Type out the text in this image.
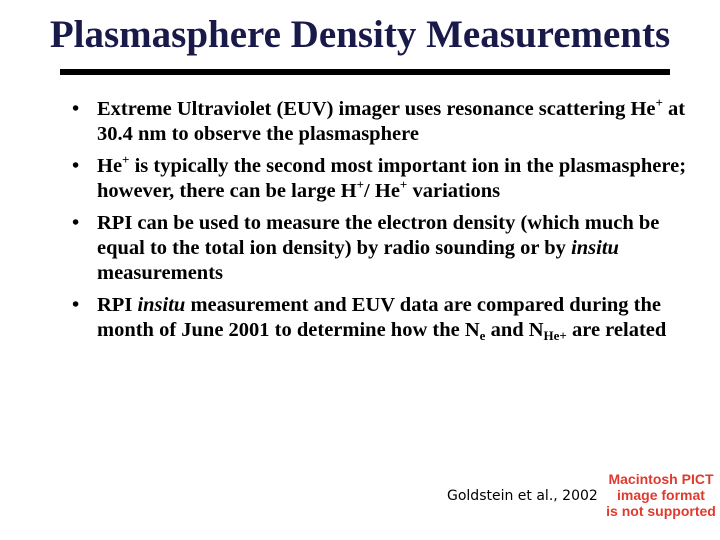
Plasmasphere Density Measurements
• Extreme Ultraviolet (EUV) imager uses resonance scattering He+ at 30.4 nm to observe the plasmasphere
• He+ is typically the second most important ion in the plasmasphere; however, there can be large H+/ He+ variations
• RPI can be used to measure the electron density (which much be equal to the total ion density) by radio sounding or by insitu measurements
• RPI insitu measurement and EUV data are compared during the month of June 2001 to determine how the $N_e$ and $N_{He+}$ are related
Goldstein et al., 2002
Macintosh PICT
image format
is not supported
